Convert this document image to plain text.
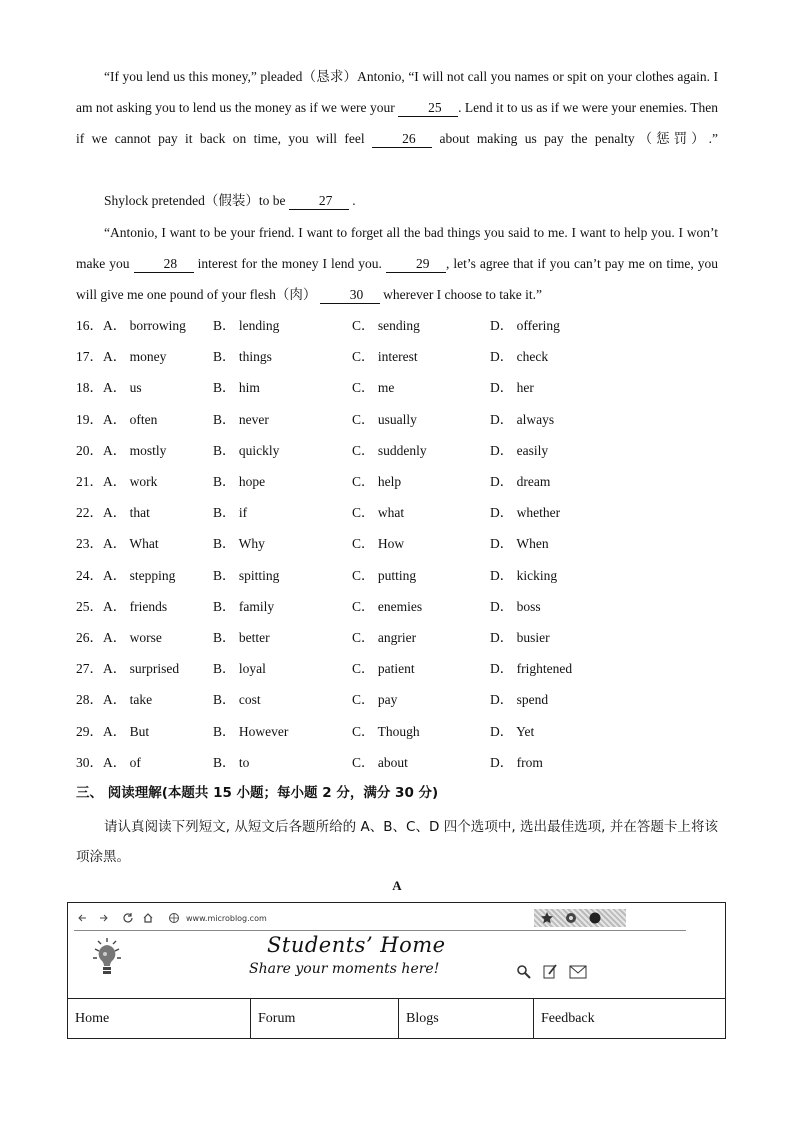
“If you lend us this money,” pleaded（恳求）Antonio, “I will not call you names or spit on your clothes again. I am not asking you to lend us the money as if we were your 25 . Lend it to us as if we were your enemies. Then if we cannot pay it back on time, you will feel	26 about making us pay the penalty（惩罚）.”
Shylock pretended（假装）to be 27 .
“Antonio, I want to be your friend. I want to forget all the bad things you said to me. I want to help you. I won’t make you	28 interest for the money I lend you.	29 , let’s agree that if you can’t pay me on time, you will give me one pound of your flesh（肉） 30 wherever I choose to take it.”
16． A． borrowing B． lending	C． sending	D． offering
17． A． money	B． things	C． interest	D． check
18． A． us	B． him	C． me	D． her
19． A． often	B． never	C． usually	D． always
20． A． mostly	B． quickly	C． suddenly	D． easily
21． A． work	B． hope	C． help	D． dream
22． A． that	B． if	C． what	D． whether
23． A． What	B． Why	C． How	D． When
24． A． stepping	B． spitting	C． putting	D． kicking
25． A． friends	B． family	C． enemies	D． boss
26． A． worse	B． better	C． angrier	D． busier
27． A． surprised	B． loyal	C． patient	D． frightened
28． A． take	B． cost	C． pay	D． spend
29． A． But	B． However	C． Though	D． Yet
30． A． of	B． to	C． about	D． from
三、 阅读理解(本题共 15 小题；每小题 2 分，满分 30 分)
请认真阅读下列短文, 从短文后各题所给的 A、B、C、D 四个选项中, 选出最佳选项, 并在答题卡上将该项涂黑。
A
www.microblog.com
Students’ Home
Share your moments here!
Home	Forum	Blogs	Feedback
